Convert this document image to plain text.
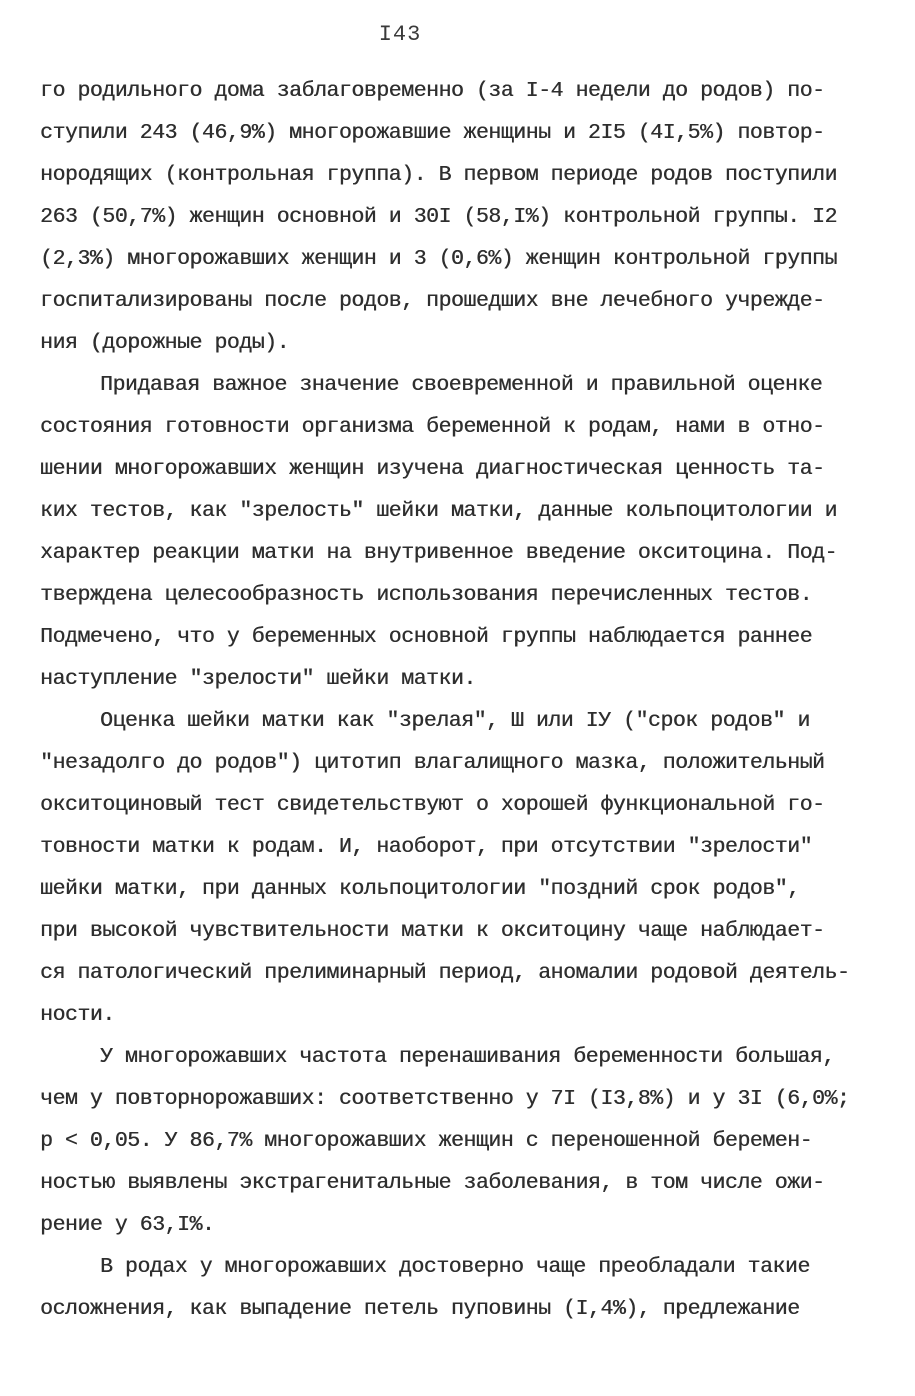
I43
го родильного дома заблаговременно (за I-4 недели до родов) по-
ступили 243 (46,9%) многорожавшие женщины и 2I5 (4I,5%) повтор-
нородящих (контрольная группа). В первом периоде родов поступили
263 (50,7%) женщин основной и 30I (58,I%) контрольной группы. I2
(2,3%) многорожавших женщин и 3 (0,6%) женщин контрольной группы
госпитализированы после родов, прошедших вне лечебного учрежде-
ния (дорожные роды).
Придавая важное значение своевременной и правильной оценке
состояния готовности организма беременной к родам, нами в отно-
шении многорожавших женщин изучена диагностическая ценность та-
ких тестов, как "зрелость" шейки матки, данные кольпоцитологии и
характер реакции матки на внутривенное введение окситоцина. Под-
тверждена целесообразность использования перечисленных тестов.
Подмечено, что у беременных основной группы наблюдается раннее
наступление "зрелости" шейки матки.
Оценка шейки матки как "зрелая", Ш или IУ ("срок родов" и
"незадолго до родов") цитотип влагалищного мазка, положительный
окситоциновый тест свидетельствуют о хорошей функциональной го-
товности матки к родам. И, наоборот, при отсутствии "зрелости"
шейки матки, при данных кольпоцитологии "поздний срок родов",
при высокой чувствительности матки к окситоцину чаще наблюдает-
ся патологический прелиминарный период, аномалии родовой деятель-
ности.
У многорожавших частота перенашивания беременности большая,
чем у повторнорожавших: соответственно у 7I (I3,8%) и у 3I (6,0%;
р < 0,05. У 86,7% многорожавших женщин с переношенной беремен-
ностью выявлены экстрагенитальные заболевания, в том числе ожи-
рение у 63,I%.
В родах у многорожавших достоверно чаще преобладали такие
осложнения, как выпадение петель пуповины (I,4%), предлежание
